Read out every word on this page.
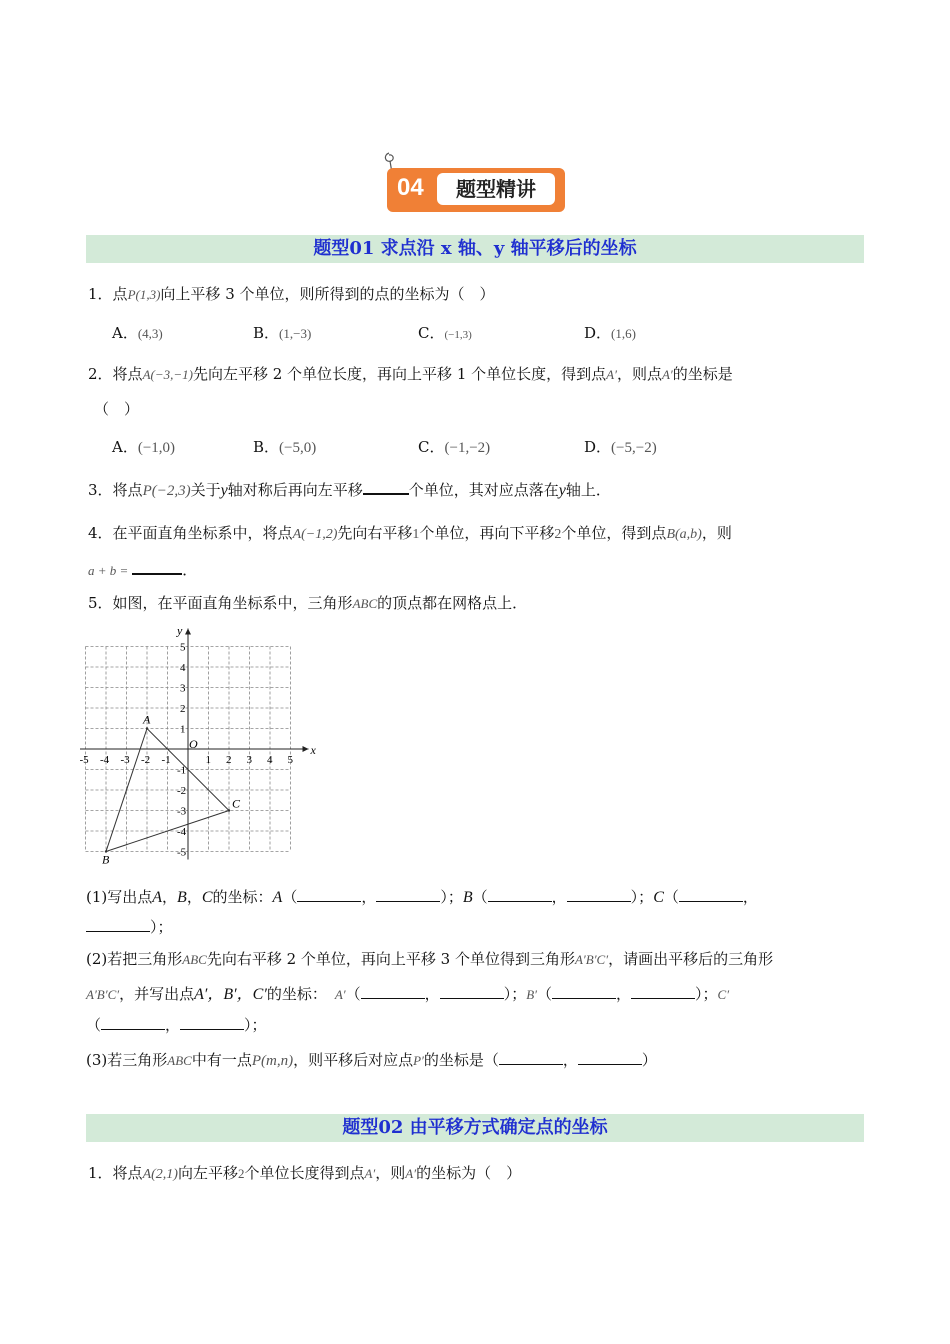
04	题型精讲
题型01 求点沿 x 轴、y 轴平移后的坐标
1．点P(1,3)向上平移 3 个单位，则所得到的点的坐标为（　）
A．(4,3)	B．(1,−3)	C．(−1,3)	D．(1,6)
2．将点A(−3,−1)先向左平移 2 个单位长度，再向上平移 1 个单位长度，得到点A′，则点A′的坐标是
（　）
A．(−1,0)	B．(−5,0)	C．(−1,−2)	D．(−5,−2)
3．将点P(−2,3)关于y轴对称后再向左平移	个单位，其对应点落在y轴上．
4．在平面直角坐标系中，将点A(−1,2)先向右平移1个单位，再向下平移2个单位，得到点B(a,b)，则
a + b =	．
5．如图，在平面直角坐标系中，三角形ABC的顶点都在网格点上．
x
y
O
-5 -4 -3 -2 -1	1 2 3 4 5
5
4
3
2
1
-1
-2
-3
-4
-5
A
B
C
(1)写出点A，B，C的坐标：A（	，	）；B（	，	）；C（	，
）；
(2)若把三角形ABC先向右平移 2 个单位，再向上平移 3 个单位得到三角形A′B′C′，请画出平移后的三角形
A′B′C′，并写出点A′，B′，C′的坐标： A′（	，	）；B′（	，	）；C′
（	，	）；
(3)若三角形ABC中有一点P(m,n)，则平移后对应点P′的坐标是（	，	）
题型02 由平移方式确定点的坐标
1．将点A(2,1)向左平移2个单位长度得到点A′，则A′的坐标为（　）
